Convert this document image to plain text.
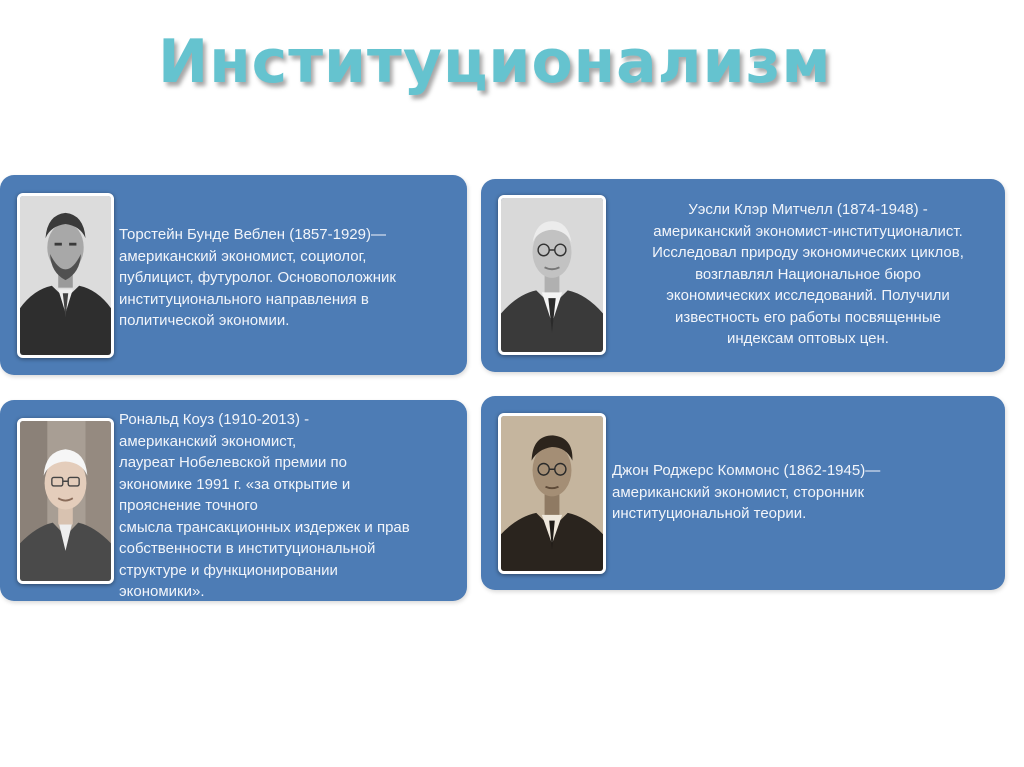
Институционализм
Торстейн Бунде Веблен (1857-1929)—
американский экономист, социолог,
публицист, футуролог. Основоположник
институционального направления в
политической экономии.
Уэсли Клэр Митчелл (1874-1948) -
американский экономист-институционалист.
Исследовал природу экономических циклов,
возглавлял Национальное бюро
экономических исследований. Получили
известность его работы посвященные
индексам оптовых цен.
Рональд Коуз (1910-2013) -
американский экономист,
лауреат Нобелевской премии по
экономике 1991 г. «за открытие и
прояснение точного
смысла трансакционных издержек и прав
собственности в институциональной
структуре и функционировании
экономики».
Джон Роджерс Коммонс (1862-1945)—
американский экономист, сторонник
институциональной теории.
